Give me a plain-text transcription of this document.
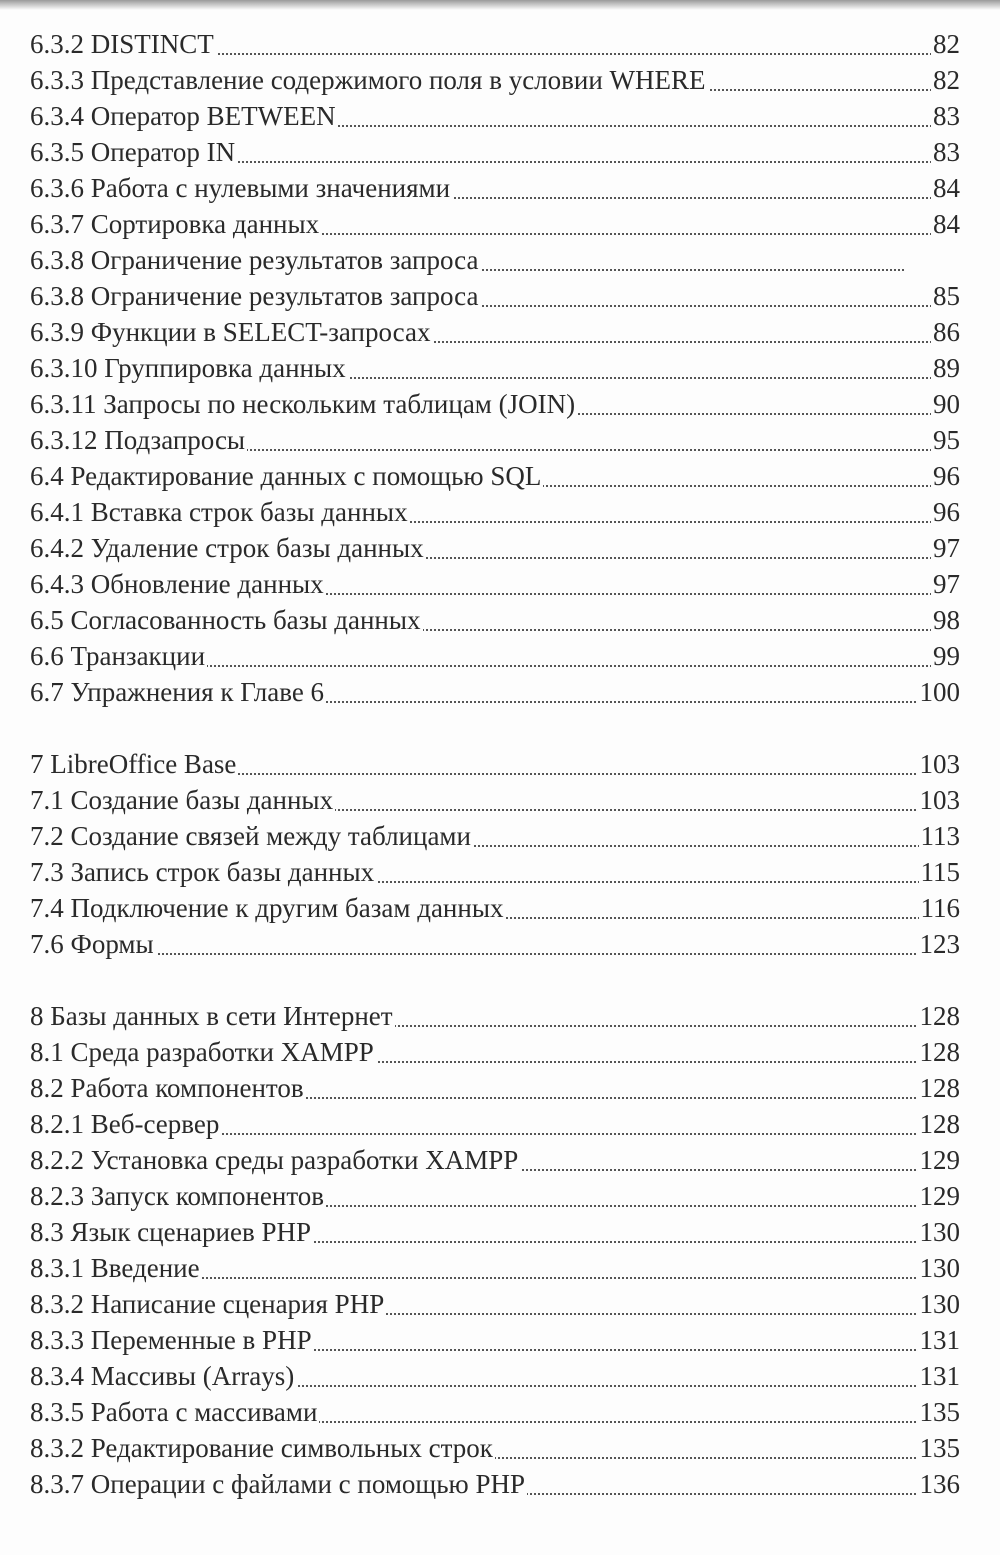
6.3.2 DISTINCT	82
6.3.3 Представление содержимого поля в условии WHERE	82
6.3.4 Оператор BETWEEN	83
6.3.5 Оператор IN	83
6.3.6 Работа с нулевыми значениями	84
6.3.7 Сортировка данных	84
6.3.8 Ограничение результатов запроса
6.3.8 Ограничение результатов запроса	85
6.3.9 Функции в SELECT-запросах	86
6.3.10 Группировка данных	89
6.3.11 Запросы по нескольким таблицам (JOIN)	90
6.3.12 Подзапросы	95
6.4 Редактирование данных с помощью SQL	96
6.4.1 Вставка строк базы данных	96
6.4.2 Удаление строк базы данных	97
6.4.3 Обновление данных	97
6.5 Согласованность базы данных	98
6.6 Транзакции	99
6.7 Упражнения к Главе 6	100
7 LibreOffice Base	103
7.1 Создание базы данных	103
7.2 Создание связей между таблицами	113
7.3 Запись строк базы данных	115
7.4 Подключение к другим базам данных	116
7.6 Формы	123
8 Базы данных в сети Интернет	128
8.1 Среда разработки XAMPP	128
8.2 Работа компонентов	128
8.2.1 Веб-сервер	128
8.2.2 Установка среды разработки XAMPP	129
8.2.3 Запуск компонентов	129
8.3 Язык сценариев PHP	130
8.3.1 Введение	130
8.3.2 Написание сценария PHP	130
8.3.3 Переменные в PHP	131
8.3.4 Массивы (Arrays)	131
8.3.5 Работа с массивами	135
8.3.2 Редактирование символьных строк	135
8.3.7 Операции с файлами с помощью PHP	136
